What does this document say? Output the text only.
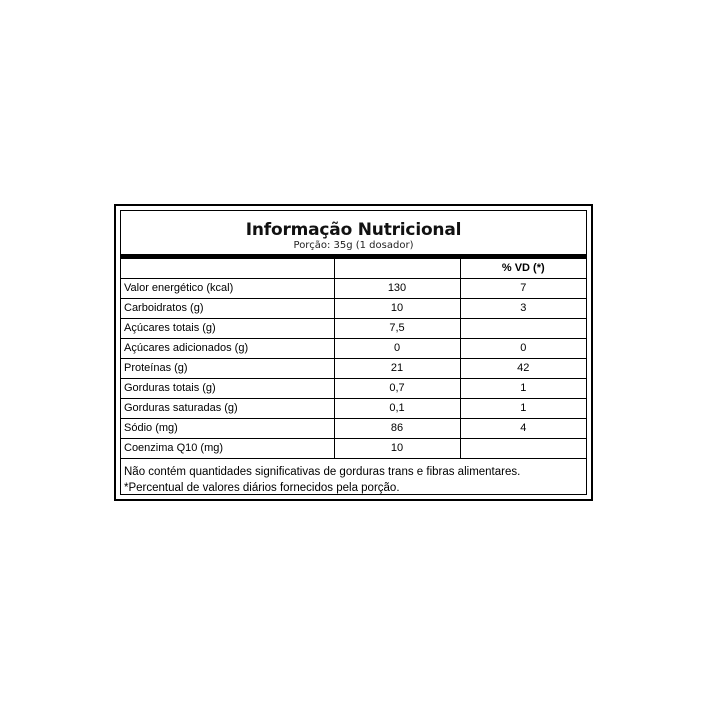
Informação Nutricional
Porção: 35g (1 dosador)
		% VD (*)
Valor energético (kcal)	130	7
Carboidratos (g)	10	3
Açúcares totais (g)	7,5	
Açúcares adicionados (g)	0	0
Proteínas (g)	21	42
Gorduras totais (g)	0,7	1
Gorduras saturadas (g)	0,1	1
Sódio (mg)	86	4
Coenzima Q10 (mg)	10	
Não contém quantidades significativas de gorduras trans e fibras alimentares.
*Percentual de valores diários fornecidos pela porção.
